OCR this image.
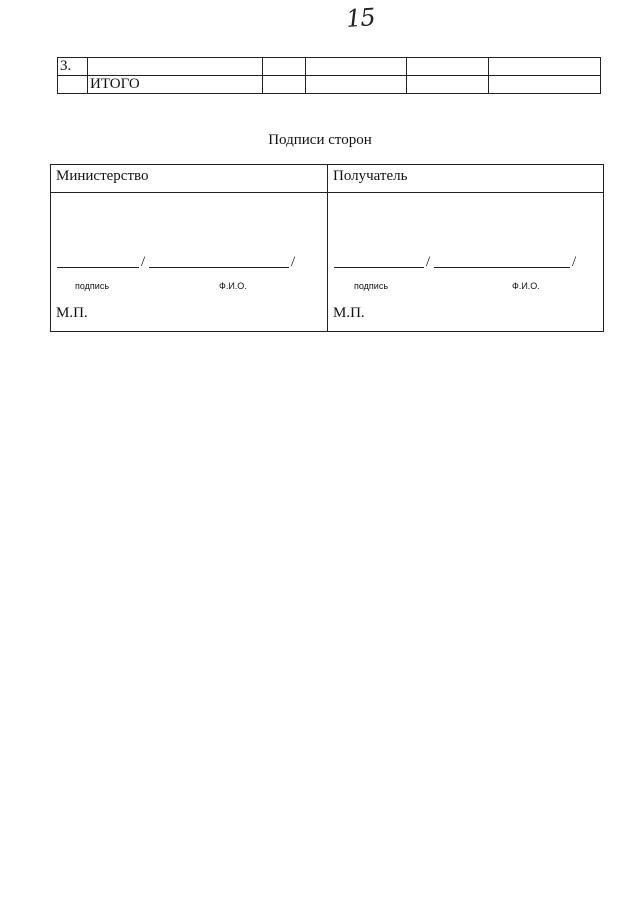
15
3.					
	ИТОГО				
Подписи сторон
Министерство
/	/
подпись	Ф.И.О.
М.П.
Получатель
/	/
подпись	Ф.И.О.
М.П.
